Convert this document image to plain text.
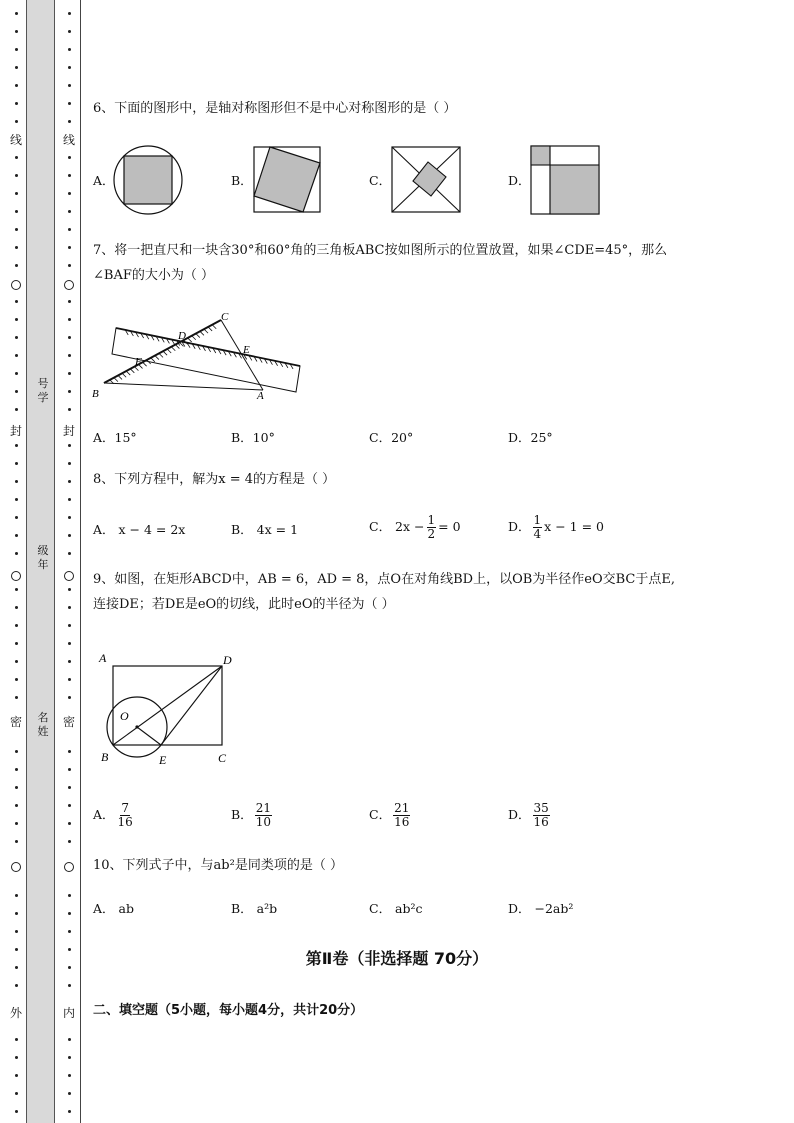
线
封
密
外
线
封
密
内
号学
级年
名姓
6、下面的图形中，是轴对称图形但不是中心对称图形的是（ ）
A．	B．	C．	D．
7、将一把直尺和一块含30°和60°角的三角板ABC按如图所示的位置放置，如果∠CDE=45°，那么
∠BAF的大小为（ ）
C
D
E
F
B	A
A．15°	B．10°	C．20°	D．25°
8、下列方程中，解为x = 4的方程是（ ）
A． x − 4 = 2x	B． 4x = 1	C． $2x - \frac{1}{2} = 0$	D． $\frac{1}{4}$ x − 1 = 0
9、如图，在矩形ABCD中，AB = 6，AD = 8，点O在对角线BD上，以OB为半径作eO交BC于点E,
连接DE；若DE是eO的切线，此时eO的半径为（ ）
A	D
O
B	E	C
A． $\frac{7}{16}$	B． $\frac{21}{10}$	C． $\frac{21}{16}$	D． $\frac{35}{16}$
10、下列式子中，与ab²是同类项的是（ ）
A． ab	B． a²b	C． ab²c	D． −2ab²
第Ⅱ卷（非选择题 70分）
二、填空题（5小题，每小题4分，共计20分）
